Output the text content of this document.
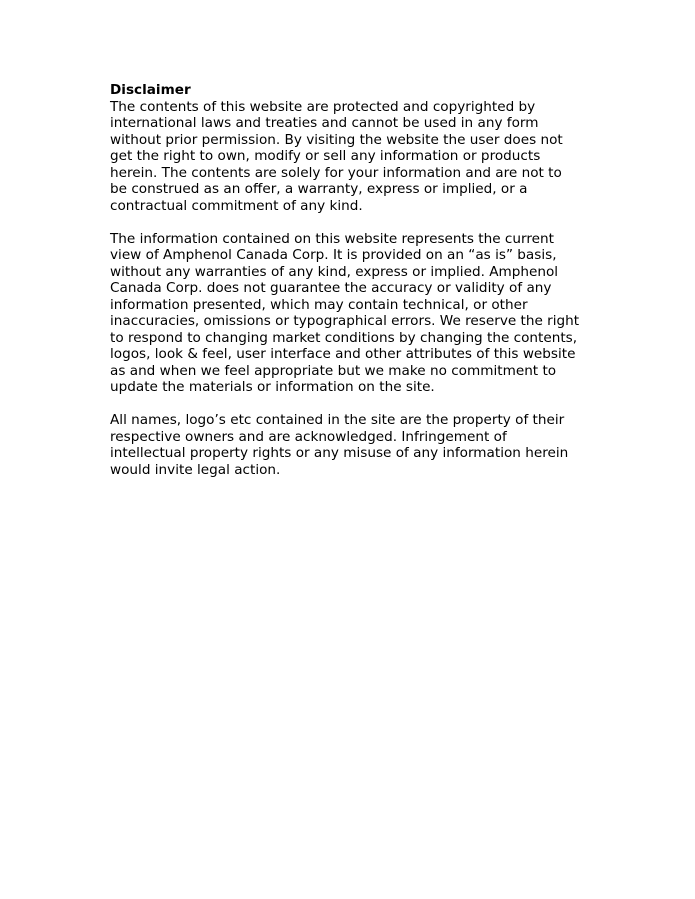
Disclaimer
The contents of this website are protected and copyrighted by
international laws and treaties and cannot be used in any form
without prior permission. By visiting the website the user does not
get the right to own, modify or sell any information or products
herein. The contents are solely for your information and are not to
be construed as an offer, a warranty, express or implied, or a
contractual commitment of any kind.
The information contained on this website represents the current
view of Amphenol Canada Corp. It is provided on an “as is” basis,
without any warranties of any kind, express or implied. Amphenol
Canada Corp. does not guarantee the accuracy or validity of any
information presented, which may contain technical, or other
inaccuracies, omissions or typographical errors. We reserve the right
to respond to changing market conditions by changing the contents,
logos, look & feel, user interface and other attributes of this website
as and when we feel appropriate but we make no commitment to
update the materials or information on the site.
All names, logo’s etc contained in the site are the property of their
respective owners and are acknowledged. Infringement of
intellectual property rights or any misuse of any information herein
would invite legal action.
